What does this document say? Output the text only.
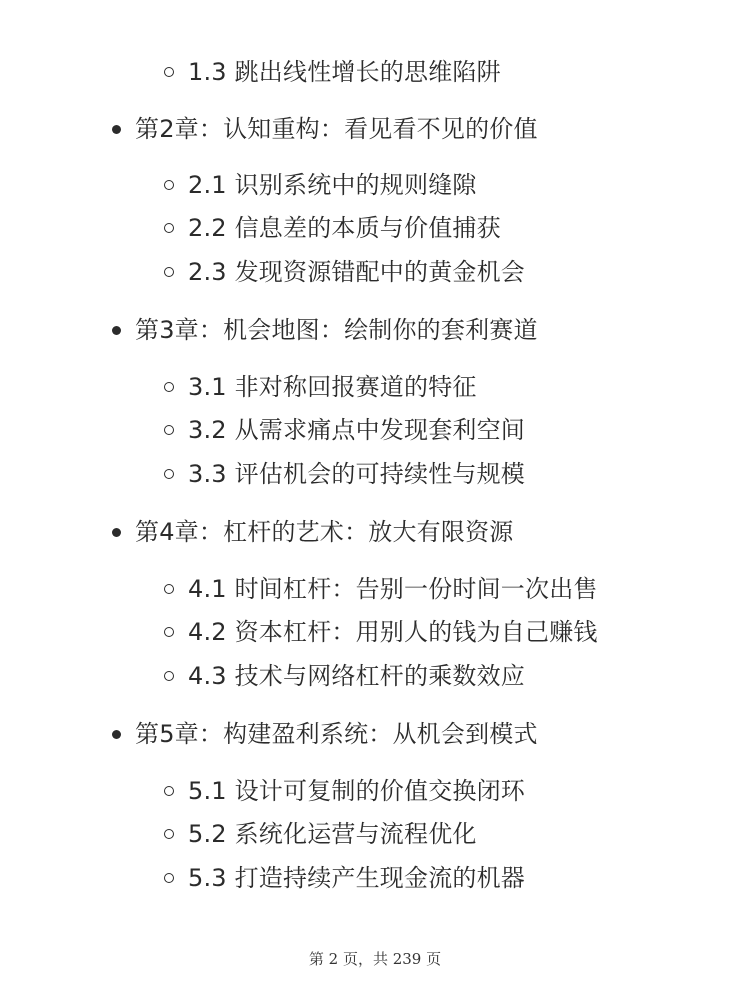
1.3 跳出线性增长的思维陷阱
第2章：认知重构：看见看不见的价值
2.1 识别系统中的规则缝隙
2.2 信息差的本质与价值捕获
2.3 发现资源错配中的黄金机会
第3章：机会地图：绘制你的套利赛道
3.1 非对称回报赛道的特征
3.2 从需求痛点中发现套利空间
3.3 评估机会的可持续性与规模
第4章：杠杆的艺术：放大有限资源
4.1 时间杠杆：告别一份时间一次出售
4.2 资本杠杆：用别人的钱为自己赚钱
4.3 技术与网络杠杆的乘数效应
第5章：构建盈利系统：从机会到模式
5.1 设计可复制的价值交换闭环
5.2 系统化运营与流程优化
5.3 打造持续产生现金流的机器
第 2 页，共 239 页
